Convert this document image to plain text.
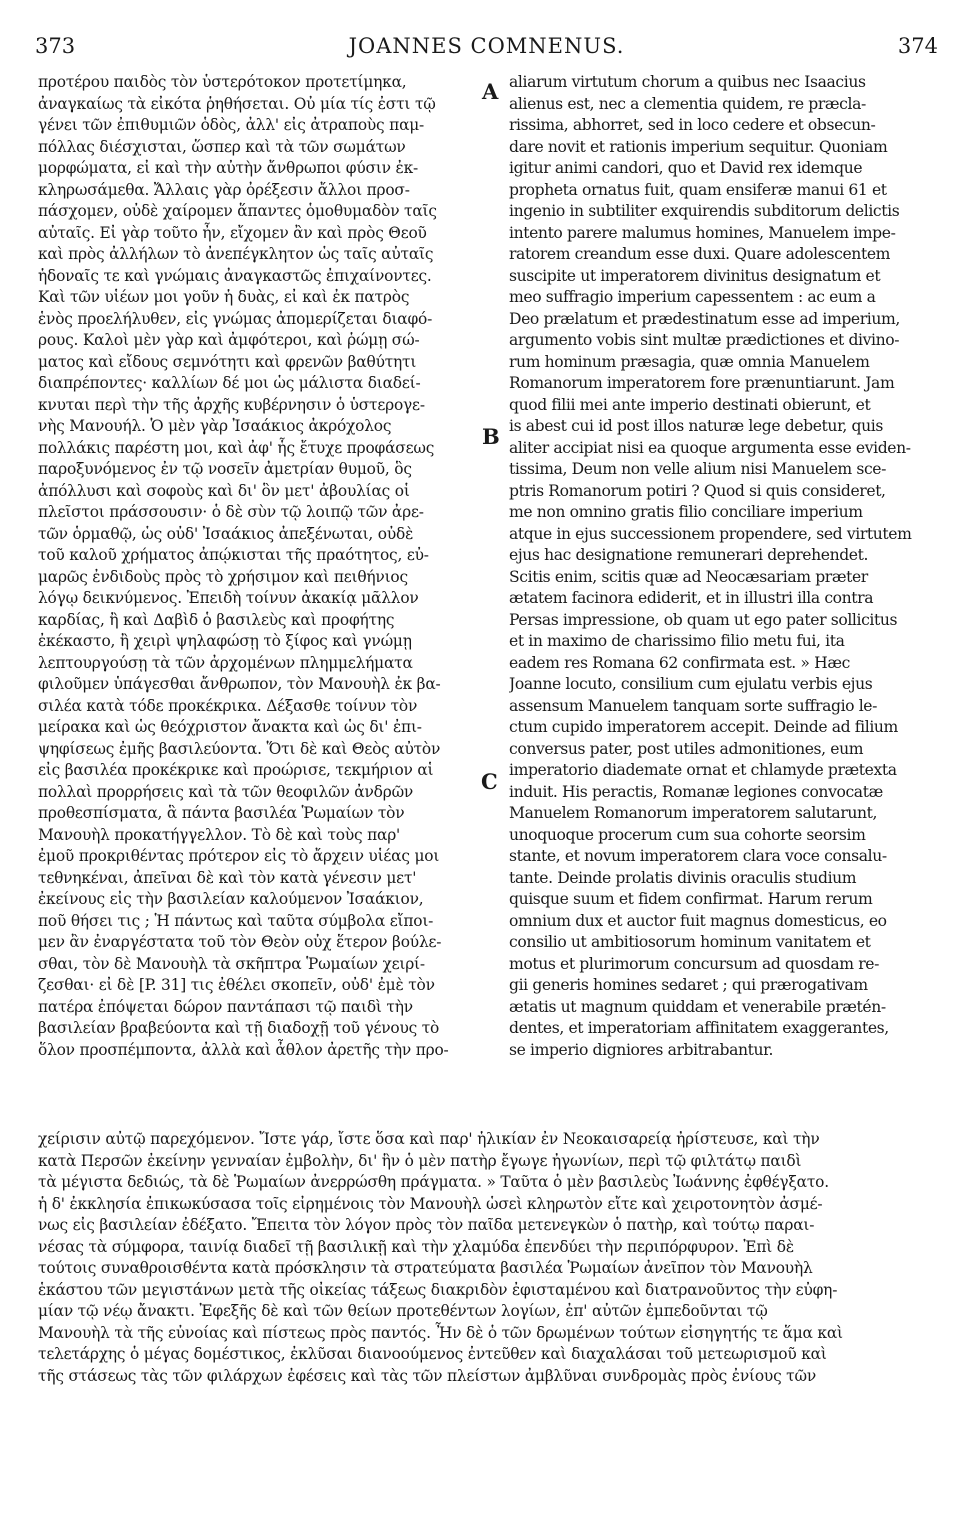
373	JOANNES COMNENUS.	374
προτέρου παιδὸς τὸν ὑστερότοκον προτετίμηκα,
ἀναγκαίως τὰ εἰκότα ῥηθήσεται. Οὐ μία τίς ἐστι τῷ
γένει τῶν ἐπιθυμιῶν ὁδὸς, ἀλλ' εἰς ἀτραποὺς παμ-
πόλλας διέσχισται, ὥσπερ καὶ τὰ τῶν σωμάτων
μορφώματα, εἰ καὶ τὴν αὐτὴν ἄνθρωποι φύσιν ἐκ-
κληρωσάμεθα. Ἄλλαις γὰρ ὀρέξεσιν ἄλλοι προσ-
πάσχομεν, οὐδὲ χαίρομεν ἅπαντες ὁμοθυμαδὸν ταῖς
αὐταῖς. Εἰ γὰρ τοῦτο ἦν, εἴχομεν ἂν καὶ πρὸς Θεοῦ
καὶ πρὸς ἀλλήλων τὸ ἀνεπέγκλητον ὡς ταῖς αὐταῖς
ἡδοναῖς τε καὶ γνώμαις ἀναγκαστῶς ἐπιχαίνοντες.
Καὶ τῶν υἱέων μοι γοῦν ἡ δυὰς, εἰ καὶ ἐκ πατρὸς
ἑνὸς προελήλυθεν, εἰς γνώμας ἀπομερίζεται διαφό-
ρους. Καλοὶ μὲν γὰρ καὶ ἀμφότεροι, καὶ ῥώμῃ σώ-
ματος καὶ εἴδους σεμνότητι καὶ φρενῶν βαθύτητι
διαπρέποντες· καλλίων δέ μοι ὡς μάλιστα διαδεί-
κνυται περὶ τὴν τῆς ἀρχῆς κυβέρνησιν ὁ ὑστερογε-
νὴς Μανουήλ. Ὁ μὲν γὰρ Ἰσαάκιος ἀκρόχολος
πολλάκις παρέστη μοι, καὶ ἀφ' ἧς ἔτυχε προφάσεως
παροξυνόμενος ἐν τῷ νοσεῖν ἀμετρίαν θυμοῦ, ὃς
ἀπόλλυσι καὶ σοφοὺς καὶ δι' ὃν μετ' ἀβουλίας οἱ
πλεῖστοι πράσσουσιν· ὁ δὲ σὺν τῷ λοιπῷ τῶν ἀρε-
τῶν ὁρμαθῷ, ὡς οὐδ' Ἰσαάκιος ἀπεξένωται, οὐδὲ
τοῦ καλοῦ χρήματος ἀπῴκισται τῆς πραότητος, εὐ-
μαρῶς ἐνδιδοὺς πρὸς τὸ χρήσιμον καὶ πειθήνιος
λόγῳ δεικνύμενος. Ἐπειδὴ τοίνυν ἀκακίᾳ μᾶλλον
καρδίας, ἢ καὶ Δαβὶδ ὁ βασιλεὺς καὶ προφήτης
ἐκέκαστο, ἢ χειρὶ ψηλαφώσῃ τὸ ξίφος καὶ γνώμῃ
λεπτουργούσῃ τὰ τῶν ἀρχομένων πλημμελήματα
φιλοῦμεν ὑπάγεσθαι ἄνθρωπον, τὸν Μανουὴλ ἐκ βα-
σιλέα κατὰ τόδε προκέκρικα. Δέξασθε τοίνυν τὸν
μείρακα καὶ ὡς θεόχριστον ἄνακτα καὶ ὡς δι' ἐπι-
ψηφίσεως ἐμῆς βασιλεύοντα. Ὅτι δὲ καὶ Θεὸς αὐτὸν
εἰς βασιλέα προκέκρικε καὶ προώρισε, τεκμήριον αἱ
πολλαὶ προρρήσεις καὶ τὰ τῶν θεοφιλῶν ἀνδρῶν
προθεσπίσματα, ἃ πάντα βασιλέα Ῥωμαίων τὸν
Μανουὴλ προκατήγγελλον. Τὸ δὲ καὶ τοὺς παρ'
ἐμοῦ προκριθέντας πρότερον εἰς τὸ ἄρχειν υἱέας μοι
τεθνηκέναι, ἀπεῖναι δὲ καὶ τὸν κατὰ γένεσιν μετ'
ἐκείνους εἰς τὴν βασιλείαν καλούμενον Ἰσαάκιον,
ποῦ θήσει τις ; Ἡ πάντως καὶ ταῦτα σύμβολα εἴποι-
μεν ἂν ἐναργέστατα τοῦ τὸν Θεὸν οὐχ ἕτερον βούλε-
σθαι, τὸν δὲ Μανουὴλ τὰ σκῆπτρα Ῥωμαίων χειρί-
ζεσθαι· εἰ δὲ [P. 31] τις ἐθέλει σκοπεῖν, οὐδ' ἐμὲ τὸν
πατέρα ἐπόψεται δώρον παντάπασι τῷ παιδὶ τὴν
βασιλείαν βραβεύοντα καὶ τῇ διαδοχῇ τοῦ γένους τὸ
ὅλον προσπέμποντα, ἀλλὰ καὶ ἆθλον ἀρετῆς τὴν προ-
aliarum virtutum chorum a quibus nec Isaacius
alienus est, nec a clementia quidem, re præcla-
rissima, abhorret, sed in loco cedere et obsecun-
dare novit et rationis imperium sequitur. Quoniam
igitur animi candori, quo et David rex idemque
propheta ornatus fuit, quam ensiferæ manui 61 et
ingenio in subtiliter exquirendis subditorum delictis
intento parere malumus homines, Manuelem impe-
ratorem creandum esse duxi. Quare adolescentem
suscipite ut imperatorem divinitus designatum et
meo suffragio imperium capessentem : ac eum a
Deo prælatum et prædestinatum esse ad imperium,
argumento vobis sint multæ prædictiones et divino-
rum hominum præsagia, quæ omnia Manuelem
Romanorum imperatorem fore prænuntiarunt. Jam
quod filii mei ante imperio destinati obierunt, et
is abest cui id post illos naturæ lege debetur, quis
aliter accipiat nisi ea quoque argumenta esse eviden-
tissima, Deum non velle alium nisi Manuelem sce-
ptris Romanorum potiri ? Quod si quis consideret,
me non omnino gratis filio conciliare imperium
atque in ejus successionem propendere, sed virtutem
ejus hac designatione remunerari deprehendet.
Scitis enim, scitis quæ ad Neocæsariam præter
ætatem facinora ediderit, et in illustri illa contra
Persas impressione, ob quam ut ego pater sollicitus
et in maximo de charissimo filio metu fui, ita
eadem res Romana 62 confirmata est. » Hæc
Joanne locuto, consilium cum ejulatu verbis ejus
assensum Manuelem tanquam sorte suffragio le-
ctum cupido imperatorem accepit. Deinde ad filium
conversus pater, post utiles admonitiones, eum
imperatorio diademate ornat et chlamyde prætexta
induit. His peractis, Romanæ legiones convocatæ
Manuelem Romanorum imperatorem salutarunt,
unoquoque procerum cum sua cohorte seorsim
stante, et novum imperatorem clara voce consalu-
tante. Deinde prolatis divinis oraculis studium
quisque suum et fidem confirmat. Harum rerum
omnium dux et auctor fuit magnus domesticus, eo
consilio ut ambitiosorum hominum vanitatem et
motus et plurimorum concursum ad quosdam re-
gii generis homines sedaret ; qui prærogativam
ætatis ut magnum quiddam et venerabile prætén-
dentes, et imperatoriam affinitatem exaggerantes,
se imperio digniores arbitrabantur.
χείρισιν αὐτῷ παρεχόμενον. Ἴστε γάρ, ἴστε ὅσα καὶ παρ' ἡλικίαν ἐν Νεοκαισαρείᾳ ἠρίστευσε, καὶ τὴν
κατὰ Περσῶν ἐκείνην γενναίαν ἐμβολὴν, δι' ἣν ὁ μὲν πατὴρ ἔγωγε ἠγωνίων, περὶ τῷ φιλτάτῳ παιδὶ
τὰ μέγιστα δεδιώς, τὰ δὲ Ῥωμαίων ἀνερρώσθη πράγματα. » Ταῦτα ὁ μὲν βασιλεὺς Ἰωάννης ἐφθέγξατο.
ἡ δ' ἐκκλησία ἐπικωκύσασα τοῖς εἰρημένοις τὸν Μανουὴλ ὡσεὶ κληρωτὸν εἴτε καὶ χειροτονητὸν ἀσμέ-
νως εἰς βασιλείαν ἐδέξατο. Ἔπειτα τὸν λόγον πρὸς τὸν παῖδα μετενεγκὼν ὁ πατὴρ, καὶ τούτῳ παραι-
νέσας τὰ σύμφορα, ταινίᾳ διαδεῖ τῇ βασιλικῇ καὶ τὴν χλαμύδα ἐπενδύει τὴν περιπόρφυρον. Ἐπὶ δὲ
τούτοις συναθροισθέντα κατὰ πρόσκλησιν τὰ στρατεύματα βασιλέα Ῥωμαίων ἀνεῖπον τὸν Μανουὴλ
ἑκάστου τῶν μεγιστάνων μετὰ τῆς οἰκείας τάξεως διακριδὸν ἐφισταμένου καὶ διατρανοῦντος τὴν εὐφη-
μίαν τῷ νέῳ ἄνακτι. Ἐφεξῆς δὲ καὶ τῶν θείων προτεθέντων λογίων, ἐπ' αὐτῶν ἐμπεδοῦνται τῷ
Μανουὴλ τὰ τῆς εὐνοίας καὶ πίστεως πρὸς παντός. Ἦν δὲ ὁ τῶν δρωμένων τούτων εἰσηγητής τε ἅμα καὶ
τελετάρχης ὁ μέγας δομέστικος, ἐκλῦσαι διανοούμενος ἐντεῦθεν καὶ διαχαλάσαι τοῦ μετεωρισμοῦ καὶ
τῆς στάσεως τὰς τῶν φιλάρχων ἐφέσεις καὶ τὰς τῶν πλείστων ἀμβλῦναι συνδρομὰς πρὸς ἐνίους τῶν
A
B
C
